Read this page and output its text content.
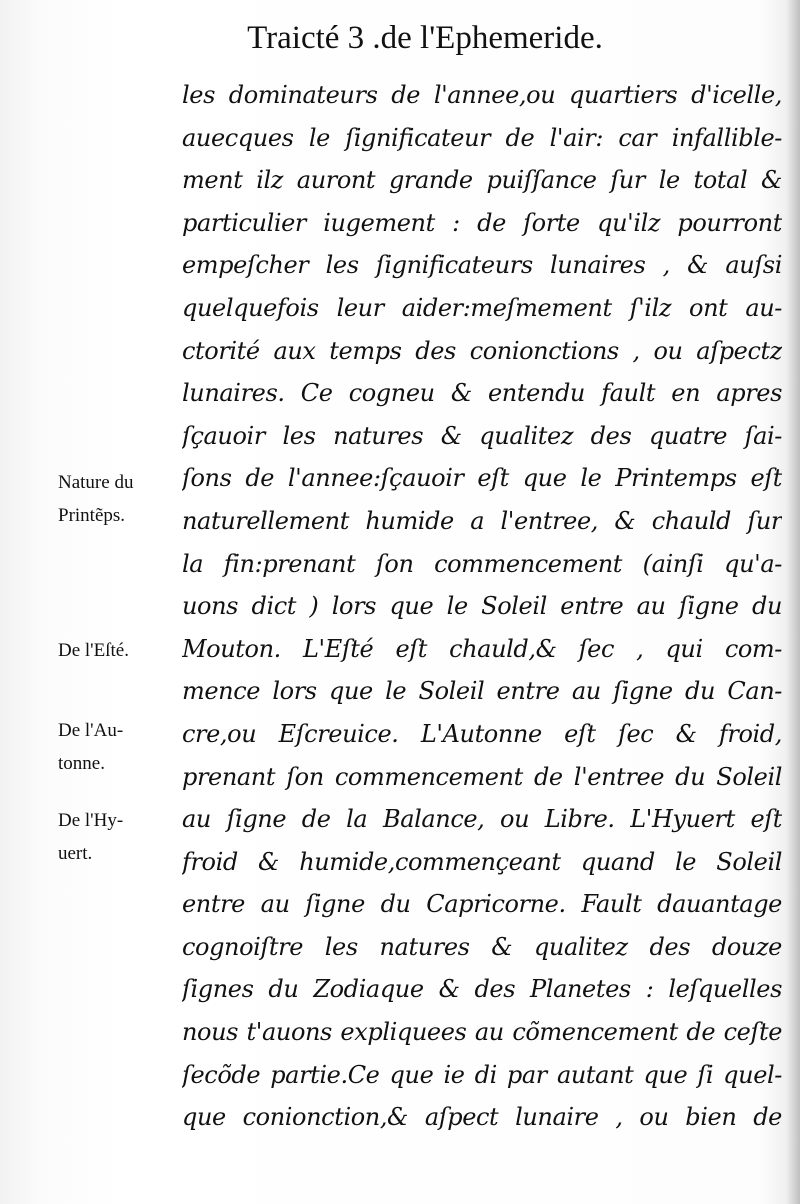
Traicté 3 .de l'Ephemeride.
les dominateurs de l'annee,ou quartiers d'icelle,
auecques le ſignificateur de l'air: car infallible-
ment ilz auront grande puiſſance ſur le total &
particulier iugement : de ſorte qu'ilz pourront
empeſcher les ſignificateurs lunaires , & auſsi
quelquefois leur aider:meſmement ſ'ilz ont au-
ctorité aux temps des conionctions , ou aſpectz
lunaires. Ce cogneu & entendu fault en apres
ſçauoir les natures & qualitez des quatre ſai-
ſons de l'annee:ſçauoir eſt que le Printemps eſt
naturellement humide a l'entree, & chauld ſur
la fin:prenant ſon commencement (ainſi qu'a-
uons dict ) lors que le Soleil entre au ſigne du
Mouton. L'Eſté eſt chauld,& ſec , qui com-
mence lors que le Soleil entre au ſigne du Can-
cre,ou Eſcreuice. L'Autonne eſt ſec & froid,
prenant ſon commencement de l'entree du Soleil
au ſigne de la Balance, ou Libre. L'Hyuert eſt
froid & humide,commençeant quand le Soleil
entre au ſigne du Capricorne. Fault dauantage
cognoiſtre les natures & qualitez des douze
ſignes du Zodiaque & des Planetes : leſquelles
nous t'auons expliquees au cõmencement de ceſte
ſecõde partie.Ce que ie di par autant que ſi quel-
que conionction,& aſpect lunaire , ou bien de
Nature du
Printẽps.
De l'Eſté.
De l'Au-
tonne.
De l'Hy-
uert.
